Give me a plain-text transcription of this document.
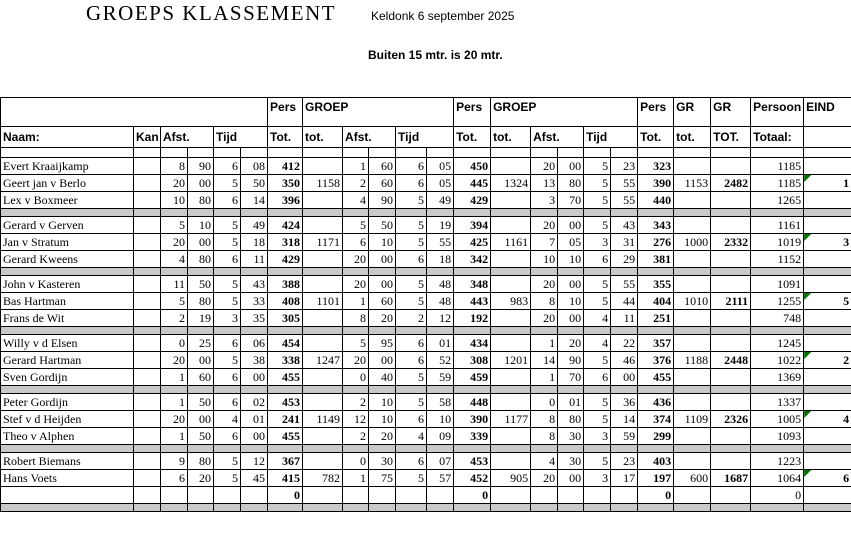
GROEPS KLASSEMENT	Keldonk 6 september 2025
Buiten 15 mtr. is 20 mtr.
						Pers	GROEP					Pers	GROEP					Pers	GR	GR	Persoon	EIND
Naam:	Kan	Afst.		Tijd		Tot.	tot.	Afst.		Tijd		Tot.	tot.	Afst.		Tijd		Tot.	tot.	TOT.	Totaal:	

Evert Kraaijkamp		8	90	6	08	412		1	60	6	05	450		20	00	5	23	323			1185	
Geert jan v Berlo		20	00	5	50	350	1158	2	60	6	05	445	1324	13	80	5	55	390	1153	2482	1185	1

Lex v Boxmeer		10	80	6	14	396		4	90	5	49	429		3	70	5	55	440			1265	

Gerard v Gerven		5	10	5	49	424		5	50	5	19	394		20	00	5	43	343			1161	
Jan v Stratum		20	00	5	18	318	1171	6	10	5	55	425	1161	7	05	3	31	276	1000	2332	1019	3

Gerard Kweens		4	80	6	11	429		20	00	6	18	342		10	10	6	29	381			1152	

John v Kasteren		11	50	5	43	388		20	00	5	48	348		20	00	5	55	355			1091	
Bas Hartman		5	80	5	33	408	1101	1	60	5	48	443	983	8	10	5	44	404	1010	2111	1255	5

Frans de Wit		2	19	3	35	305		8	20	2	12	192		20	00	4	11	251			748	

Willy v d Elsen		0	25	6	06	454		5	95	6	01	434		1	20	4	22	357			1245	
Gerard Hartman		20	00	5	38	338	1247	20	00	6	52	308	1201	14	90	5	46	376	1188	2448	1022	2

Sven Gordijn		1	60	6	00	455		0	40	5	59	459		1	70	6	00	455			1369	

Peter Gordijn		1	50	6	02	453		2	10	5	58	448		0	01	5	36	436			1337	
Stef v d Heijden		20	00	4	01	241	1149	12	10	6	10	390	1177	8	80	5	14	374	1109	2326	1005	4

Theo v Alphen		1	50	6	00	455		2	20	4	09	339		8	30	3	59	299			1093	

Robert Biemans		9	80	5	12	367		0	30	6	07	453		4	30	5	23	403			1223	
Hans Voets		6	20	5	45	415	782	1	75	5	57	452	905	20	00	3	17	197	600	1687	1064	6

						0						0						0			0	
